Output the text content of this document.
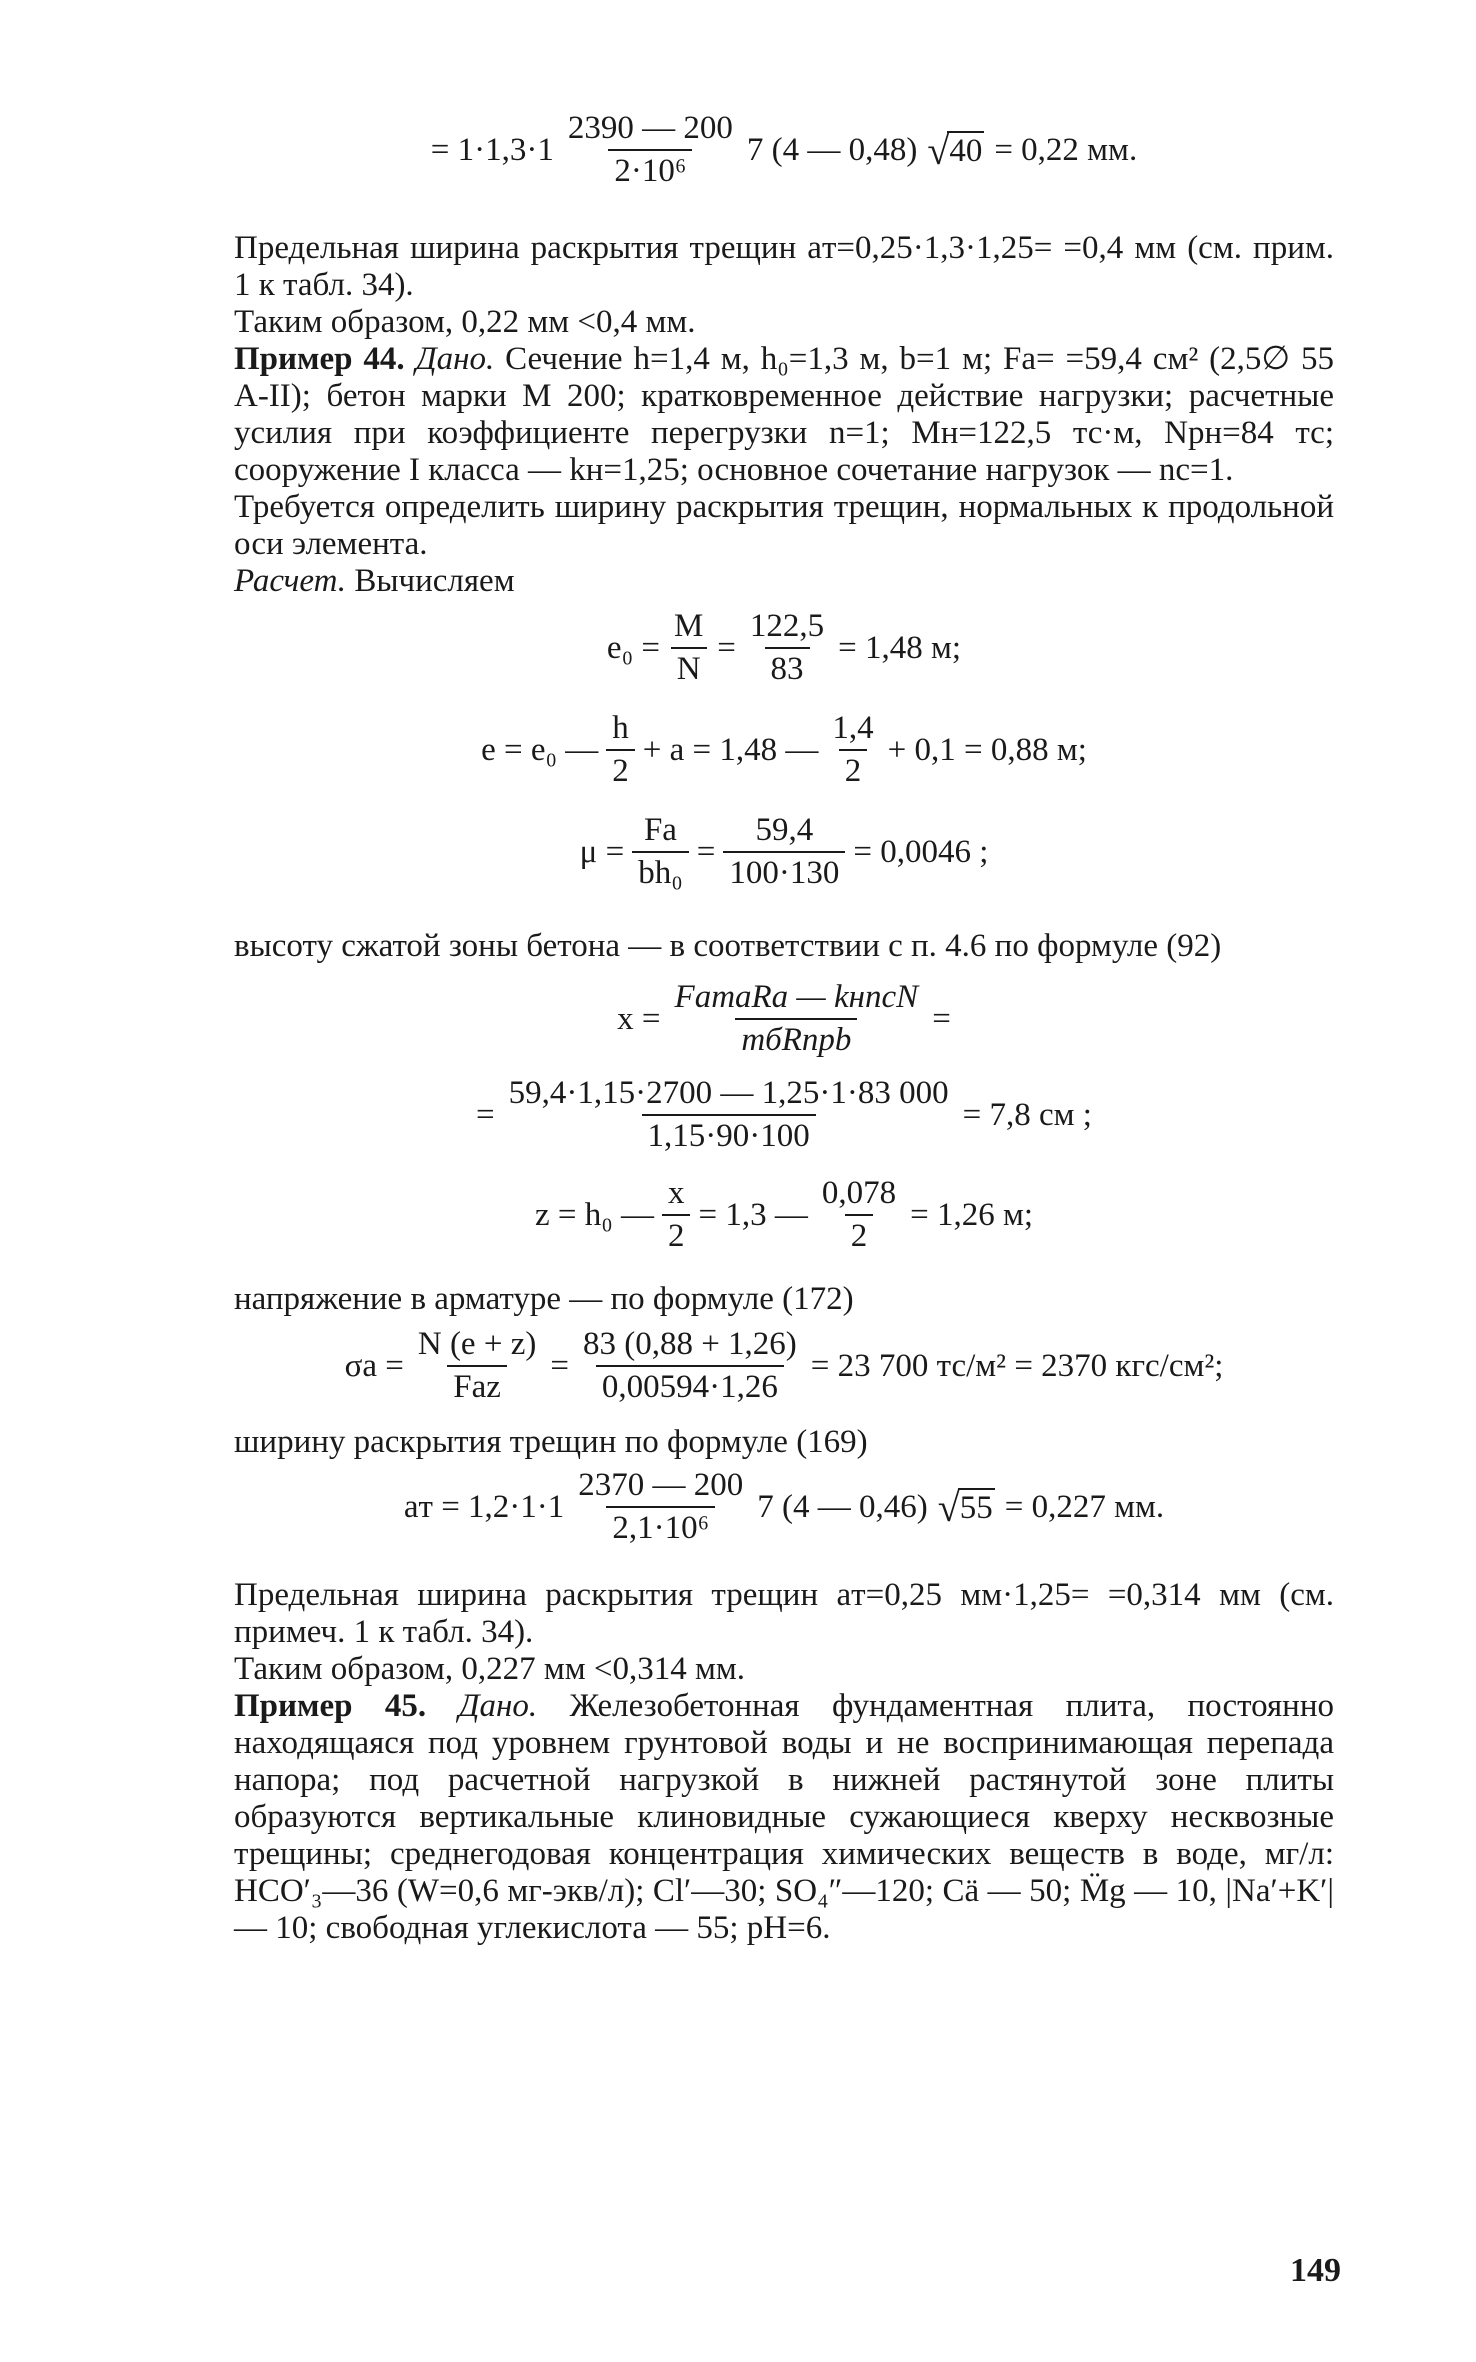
= $1\cdot 1,3\cdot 1 \frac{2390 — 200}{\text{2·10⁶}} 7$ (4 — 0,48) √ 40 = 0,22 мм.

Предельная ширина раскрытия трещин aт=0,25·1,3·1,25= =0,4 мм (см. прим. 1 к табл. 34).

Таким образом, 0,22 мм <0,4 мм.

Пример 44. Дано. Сечение h=1,4 м, h₀=1,3 м, b=1 м; Fа= =59,4 см² (2,5∅ 55 А-II); бетон марки М 200; кратковременное действие нагрузки; расчетные усилия при коэффициенте перегрузки n=1; Mн=122,5 тс·м, Nрн=84 тс; сооружение I класса — kн=1,25; основное сочетание нагрузок — nс=1.

Требуется определить ширину раскрытия трещин, нормальных к продольной оси элемента.

Расчет. Вычисляем

$e_0 = \frac{M}{N} = \frac{122,5}{83} = 1,48$ м;
e = e₀ — $\frac{h}{2} + a = 1,48$ — $\frac{1,4}{2} + 0,1 = 0,88$ м;
$\mu = \frac{Fа}{\text{bh₀}} = \frac{59,4}{100\cdot 130} = 0,0046$ ;

высоту сжатой зоны бетона — в соответствии с п. 4.6 по формуле (92)

$x = \frac{\text{FаmаRа — kнnсN}}{\text{mбRпрb}}$ =
= $\frac{59,4\cdot 1,15\cdot 2700 — 1,25\cdot 1\cdot 83 000}{1,15\cdot 90\cdot 100} = 7,8$ см ;
z = h₀ — $\frac{x}{2} = 1,3$ — $\frac{0,078}{2} = 1,26$ м;

напряжение в арматуре — по формуле (172)

$\sigma а = \frac{N (e + z)}{\text{Fаz}} = \frac{83 (0,88 + 1,26)}{0,00594\cdot 1,26} = 23$ 700 тс/м² = 2370 кгс/см²;

ширину раскрытия трещин по формуле (169)

aт = $1,2\cdot 1\cdot 1 \frac{2370 — 200}{\text{2,1·10⁶}} 7$ (4 — 0,46) √ 55 = 0,227 мм.

Предельная ширина раскрытия трещин aт=0,25 мм·1,25= =0,314 мм (см. примеч. 1 к табл. 34).

Таким образом, 0,227 мм <0,314 мм.

Пример 45. Дано. Железобетонная фундаментная плита, постоянно находящаяся под уровнем грунтовой воды и не воспринимающая перепада напора; под расчетной нагрузкой в нижней растянутой зоне плиты образуются вертикальные клиновидные сужающиеся кверху несквозные трещины; среднегодовая концентрация химических веществ в воде, мг/л: HCO′₃—36 (W=0,6 мг-экв/л); Cl′—30; SO₄″—120; Cä — 50; M̈g — 10, |Na′+K′| — 10; свободная углекислота — 55; pH=6.

149
